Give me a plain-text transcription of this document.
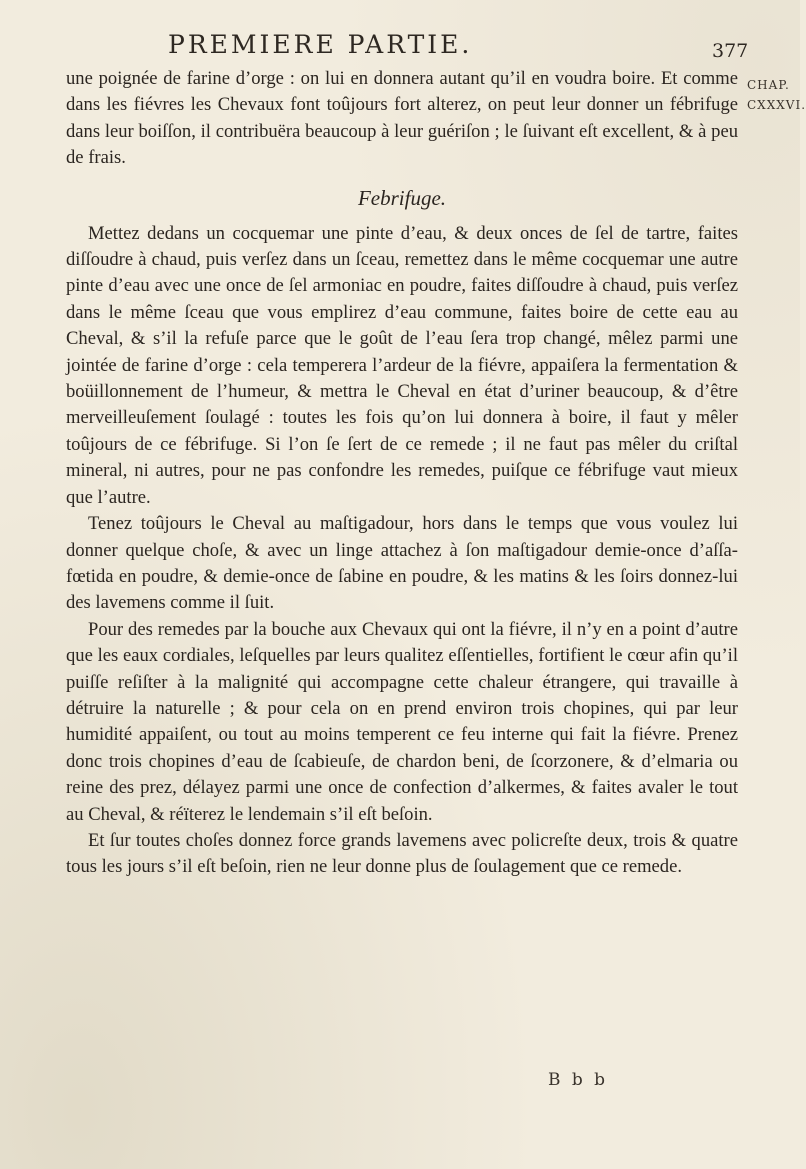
PREMIERE PARTIE.	377
CHAP.
CXXXVI.

une poignée de farine d’orge : on lui en donnera autant qu’il en voudra boire. Et comme dans les fiévres les Chevaux font toûjours fort alterez, on peut leur donner un fébrifuge dans leur boiſſon, il contribuëra beaucoup à leur guériſon ; le ſuivant eſt excellent, & à peu de frais.

Febrifuge.

Mettez dedans un cocquemar une pinte d’eau, & deux onces de ſel de tartre, faites diſſoudre à chaud, puis verſez dans un ſceau, remettez dans le même cocquemar une autre pinte d’eau avec une once de ſel armoniac en poudre, faites diſſoudre à chaud, puis verſez dans le même ſceau que vous emplirez d’eau commune, faites boire de cette eau au Cheval, & s’il la refuſe parce que le goût de l’eau ſera trop changé, mêlez parmi une jointée de farine d’orge : cela temperera l’ardeur de la fiévre, appaiſera la fermentation & boüillonnement de l’humeur, & mettra le Cheval en état d’uriner beaucoup, & d’être merveilleuſement ſoulagé : toutes les fois qu’on lui donnera à boire, il faut y mêler toûjours de ce fébrifuge. Si l’on ſe ſert de ce remede ; il ne faut pas mêler du criſtal mineral, ni autres, pour ne pas confondre les remedes, puiſque ce fébrifuge vaut mieux que l’autre.

Tenez toûjours le Cheval au maſtigadour, hors dans le temps que vous voulez lui donner quelque choſe, & avec un linge attachez à ſon maſtigadour demie-once d’aſſa-fœtida en poudre, & demie-once de ſabine en poudre, & les matins & les ſoirs donnez-lui des lavemens comme il ſuit.

Pour des remedes par la bouche aux Chevaux qui ont la fiévre, il n’y en a point d’autre que les eaux cordiales, leſquelles par leurs qualitez eſſentielles, fortifient le cœur afin qu’il puiſſe reſiſter à la malignité qui accompagne cette chaleur étrangere, qui travaille à détruire la naturelle ; & pour cela on en prend environ trois chopines, qui par leur humidité appaiſent, ou tout au moins temperent ce feu interne qui fait la fiévre. Prenez donc trois chopines d’eau de ſcabieuſe, de chardon beni, de ſcorzonere, & d’elmaria ou reine des prez, délayez parmi une once de confection d’alkermes, & faites avaler le tout au Cheval, & réïterez le lendemain s’il eſt beſoin.

Et ſur toutes choſes donnez force grands lavemens avec policreſte deux, trois & quatre tous les jours s’il eſt beſoin, rien ne leur donne plus de ſoulagement que ce remede.

B b b
